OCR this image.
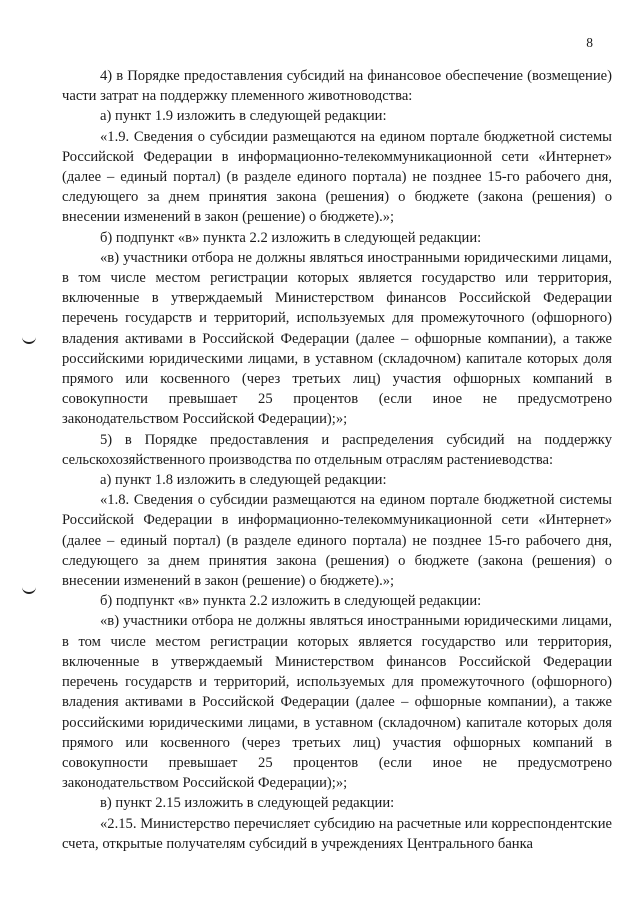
8

4) в Порядке предоставления субсидий на финансовое обеспечение (возмещение) части затрат на поддержку племенного животноводства:

а) пункт 1.9 изложить в следующей редакции:

«1.9. Сведения о субсидии размещаются на едином портале бюджетной системы Российской Федерации в информационно-телекоммуникационной сети «Интернет» (далее – единый портал) (в разделе единого портала) не позднее 15-го рабочего дня, следующего за днем принятия закона (решения) о бюджете (закона (решения) о внесении изменений в закон (решение) о бюджете).»;

б) подпункт «в» пункта 2.2 изложить в следующей редакции:

«в) участники отбора не должны являться иностранными юридическими лицами, в том числе местом регистрации которых является государство или территория, включенные в утверждаемый Министерством финансов Российской Федерации перечень государств и территорий, используемых для промежуточного (офшорного) владения активами в Российской Федерации (далее – офшорные компании), а также российскими юридическими лицами, в уставном (складочном) капитале которых доля прямого или косвенного (через третьих лиц) участия офшорных компаний в совокупности превышает 25 процентов (если иное не предусмотрено законодательством Российской Федерации);»;

5) в Порядке предоставления и распределения субсидий на поддержку сельскохозяйственного производства по отдельным отраслям растениеводства:

а) пункт 1.8 изложить в следующей редакции:

«1.8. Сведения о субсидии размещаются на едином портале бюджетной системы Российской Федерации в информационно-телекоммуникационной сети «Интернет» (далее – единый портал) (в разделе единого портала) не позднее 15-го рабочего дня, следующего за днем принятия закона (решения) о бюджете (закона (решения) о внесении изменений в закон (решение) о бюджете).»;

б) подпункт «в» пункта 2.2 изложить в следующей редакции:

«в) участники отбора не должны являться иностранными юридическими лицами, в том числе местом регистрации которых является государство или территория, включенные в утверждаемый Министерством финансов Российской Федерации перечень государств и территорий, используемых для промежуточного (офшорного) владения активами в Российской Федерации (далее – офшорные компании), а также российскими юридическими лицами, в уставном (складочном) капитале которых доля прямого или косвенного (через третьих лиц) участия офшорных компаний в совокупности превышает 25 процентов (если иное не предусмотрено законодательством Российской Федерации);»;

в) пункт 2.15 изложить в следующей редакции:

«2.15. Министерство перечисляет субсидию на расчетные или корреспондентские счета, открытые получателям субсидий в учреждениях Центрального банка
